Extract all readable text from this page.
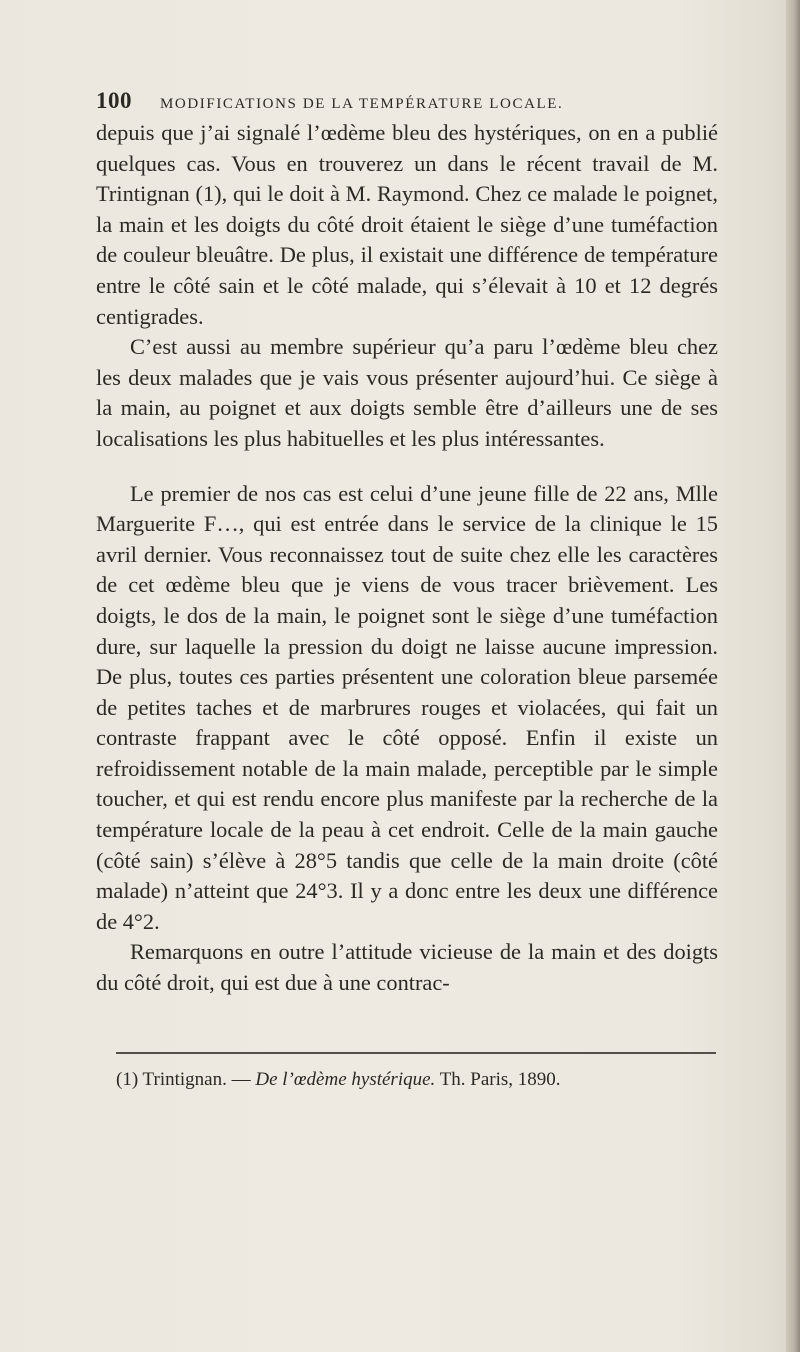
100 MODIFICATIONS DE LA TEMPÉRATURE LOCALE.

depuis que j’ai signalé l’œdème bleu des hystériques, on en a publié quelques cas. Vous en trouverez un dans le récent travail de M. Trintignan (1), qui le doit à M. Raymond. Chez ce malade le poignet, la main et les doigts du côté droit étaient le siège d’une tuméfaction de couleur bleuâtre. De plus, il existait une différence de température entre le côté sain et le côté malade, qui s’élevait à 10 et 12 degrés centigrades.

C’est aussi au membre supérieur qu’a paru l’œdème bleu chez les deux malades que je vais vous présenter aujourd’hui. Ce siège à la main, au poignet et aux doigts semble être d’ailleurs une de ses localisations les plus habituelles et les plus intéressantes.

Le premier de nos cas est celui d’une jeune fille de 22 ans, Mlle Marguerite F…, qui est entrée dans le service de la clinique le 15 avril dernier. Vous reconnaissez tout de suite chez elle les caractères de cet œdème bleu que je viens de vous tracer brièvement. Les doigts, le dos de la main, le poignet sont le siège d’une tuméfaction dure, sur laquelle la pression du doigt ne laisse aucune impression. De plus, toutes ces parties présentent une coloration bleue parsemée de petites taches et de marbrures rouges et violacées, qui fait un contraste frappant avec le côté opposé. Enfin il existe un refroidissement notable de la main malade, perceptible par le simple toucher, et qui est rendu encore plus manifeste par la recherche de la température locale de la peau à cet endroit. Celle de la main gauche (côté sain) s’élève à 28°5 tandis que celle de la main droite (côté malade) n’atteint que 24°3. Il y a donc entre les deux une différence de 4°2.

Remarquons en outre l’attitude vicieuse de la main et des doigts du côté droit, qui est due à une contrac-

(1) Trintignan. — De l’œdème hystérique. Th. Paris, 1890.
